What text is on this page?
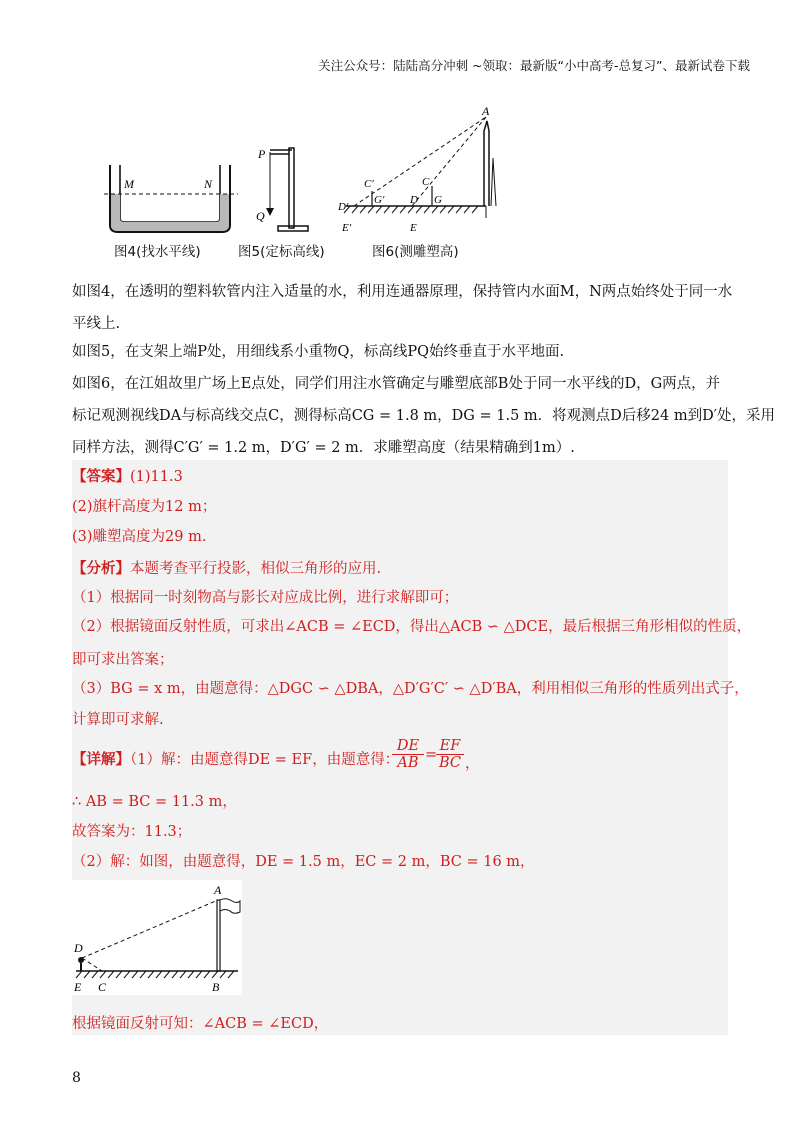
关注公众号：陆陆高分冲刺 ~领取：最新版“小中高考-总复习”、最新试卷下载
M	N
图4(找水平线)
P
Q
图5(定标高线)
A
C′	C
D′
G′ D G
E′	E
图6(测雕塑高)
如图4，在透明的塑料软管内注入适量的水，利用连通器原理，保持管内水面M，N两点始终处于同一水
平线上.
如图5，在支架上端P处，用细线系小重物Q，标高线PQ始终垂直于水平地面.
如图6，在江姐故里广场上E点处，同学们用注水管确定与雕塑底部B处于同一水平线的D，G两点，并
标记观测视线DA与标高线交点C，测得标高CG = 1.8 m，DG = 1.5 m．将观测点D后移24 m到D′处，采用
同样方法，测得C′G′ = 1.2 m，D′G′ = 2 m．求雕塑高度（结果精确到1m）.
【答案】(1)11.3
(2)旗杆高度为12 m；
(3)雕塑高度为29 m.
【分析】本题考查平行投影，相似三角形的应用.
（1）根据同一时刻物高与影长对应成比例，进行求解即可；
（2）根据镜面反射性质，可求出∠ACB = ∠ECD，得出△ACB ∽ △DCE，最后根据三角形相似的性质，
即可求出答案；
（3）BG = x m，由题意得：△DGC ∽ △DBA，△D′G′C′ ∽ △D′BA，利用相似三角形的性质列出式子，
计算即可求解.
【详解】（1）解：由题意得DE = EF，由题意得：
$\frac{DE}{AB}$ =
$\frac{EF}{BC}$ ，
∴ AB = BC = 11.3 m，
故答案为：11.3；
（2）解：如图，由题意得，DE = 1.5 m，EC = 2 m，BC = 16 m，
A
D
E C	B
根据镜面反射可知：∠ACB = ∠ECD，
8
